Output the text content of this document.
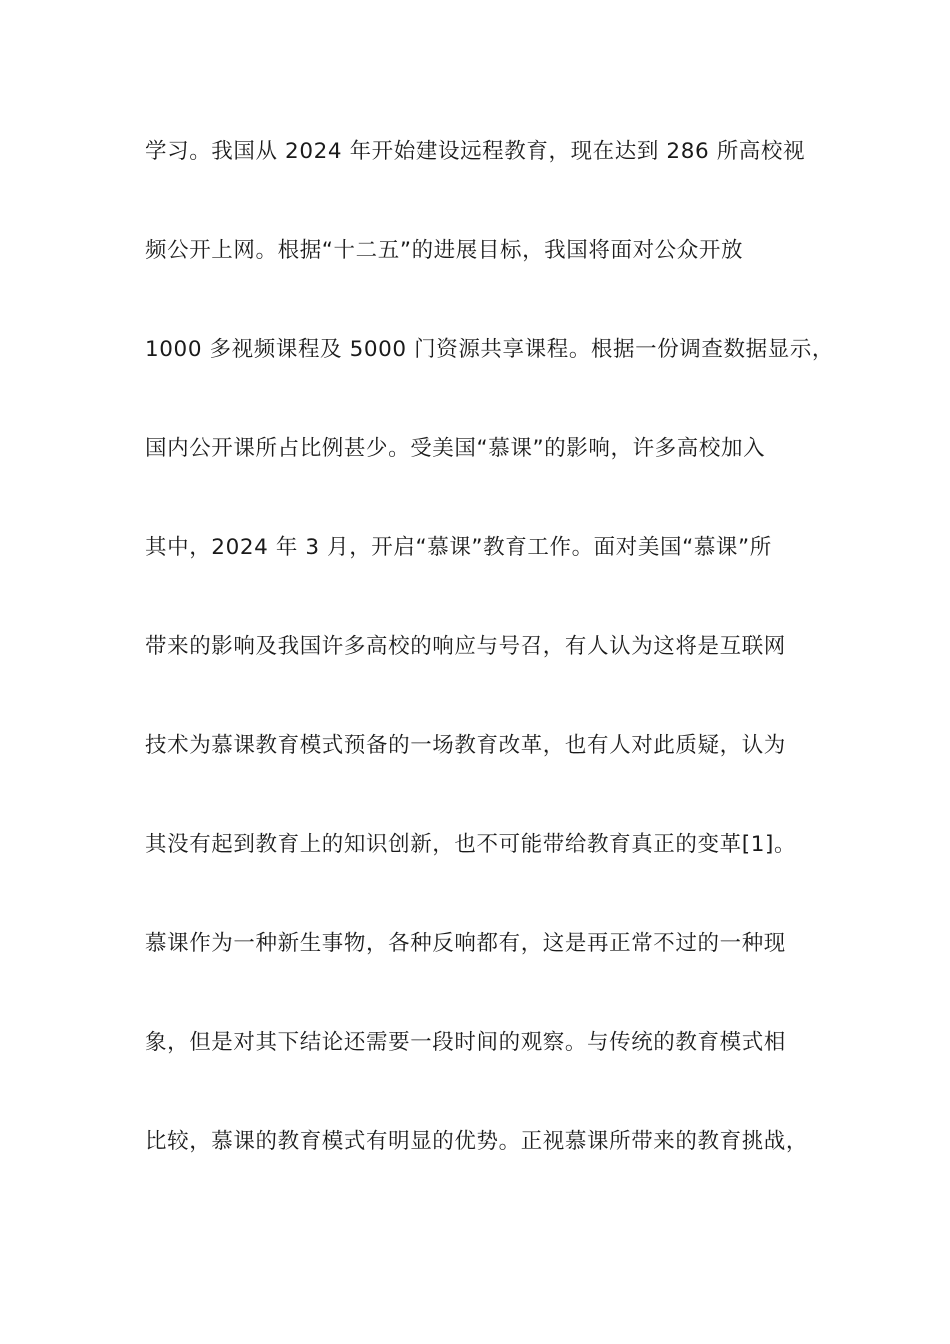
学习。我国从 2024 年开始建设远程教育，现在达到 286 所高校视
频公开上网。根据“十二五”的进展目标，我国将面对公众开放
1000 多视频课程及 5000 门资源共享课程。根据一份调查数据显示，
国内公开课所占比例甚少。受美国“慕课”的影响，许多高校加入
其中，2024 年 3 月，开启“慕课”教育工作。面对美国“慕课”所
带来的影响及我国许多高校的响应与号召，有人认为这将是互联网
技术为慕课教育模式预备的一场教育改革，也有人对此质疑，认为
其没有起到教育上的知识创新，也不可能带给教育真正的变革[1]。
慕课作为一种新生事物，各种反响都有，这是再正常不过的一种现
象，但是对其下结论还需要一段时间的观察。与传统的教育模式相
比较，慕课的教育模式有明显的优势。正视慕课所带来的教育挑战，
